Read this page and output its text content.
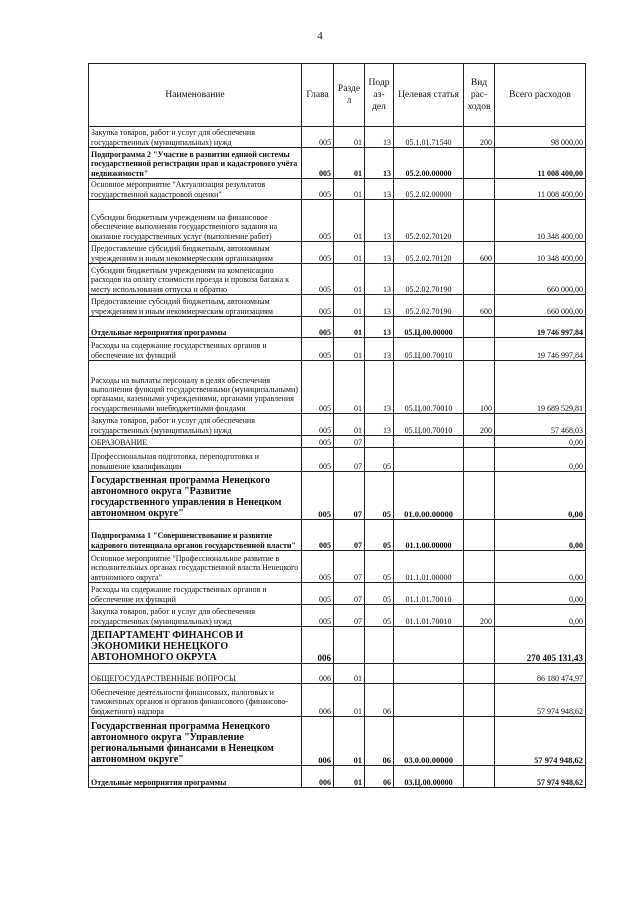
4
Наименование	Глава	Разде л	Подр аз- дел	Целевая статья	Вид рас- ходов	Всего расходов
Закупка товаров, работ и услуг для обеспечения государственных (муниципальных) нужд	005	01	13	05.1.01.71540	200	98 000,00
Подпрограмма 2 "Участие в развитии единой системы государственной регистрации прав и кадастрового учёта недвижимости"	005	01	13	05.2.00.00000		11 008 400,00
Основное мероприятие "Актуализация результатов государственной кадастровой оценки"	005	01	13	05.2.02.00000		11 008 400,00
Субсидии бюджетным учреждениям на финансовое обеспечение выполнения государственного задания на оказание государственных услуг (выполнение работ)	005	01	13	05.2.02.70120		10 348 400,00
Предоставление субсидий бюджетным, автономным учреждениям и иным некоммерческим организациям	005	01	13	05.2.02.70120	600	10 348 400,00
Субсидии бюджетным учреждениям на компенсацию расходов на оплату стоимости проезда и провоза багажа к месту использования отпуска и обратно	005	01	13	05.2.02.70190		660 000,00
Предоставление субсидий бюджетным, автономным учреждениям и иным некоммерческим организациям	005	01	13	05.2.02.70190	600	660 000,00
Отдельные мероприятия программы	005	01	13	05.Ц.00.00000		19 746 997,84
Расходы на содержание государственных органов и обеспечение их функций	005	01	13	05.Ц.00.70010		19 746 997,84
Расходы на выплаты персоналу в целях обеспечения выполнения функций государственными (муниципальными) органами, казенными учреждениями, органами управления государственными внебюджетными фондами	005	01	13	05.Ц.00.70010	100	19 689 529,81
Закупка товаров, работ и услуг для обеспечения государственных (муниципальных) нужд	005	01	13	05.Ц.00.70010	200	57 468,03
ОБРАЗОВАНИЕ	005	07				0,00
Профессиональная подготовка, переподготовка и повышение квалификации	005	07	05			0,00
Государственная программа Ненецкого автономного округа "Развитие государственного управления в Ненецком автономном округе"	005	07	05	01.0.00.00000		0,00
Подпрограмма 1 "Совершенствование и развитие кадрового потенциала органов государственной власти"	005	07	05	01.1.00.00000		0,00
Основное мероприятие "Профессиональное развитие в исполнительных органах государственной власти Ненецкого автономного округа"	005	07	05	01.1.01.00000		0,00
Расходы на содержание государственных органов и обеспечение их функций	005	07	05	01.1.01.70010		0,00
Закупка товаров, работ и услуг для обеспечения государственных (муниципальных) нужд	005	07	05	01.1.01.70010	200	0,00
ДЕПАРТАМЕНТ ФИНАНСОВ И ЭКОНОМИКИ НЕНЕЦКОГО АВТОНОМНОГО ОКРУГА	006					270 405 131,43
ОБЩЕГОСУДАРСТВЕННЫЕ ВОПРОСЫ	006	01				86 180 474,97
Обеспечение деятельности финансовых, налоговых и таможенных органов и органов финансового (финансово-бюджетного) надзора	006	01	06			57 974 948,62
Государственная программа Ненецкого автономного округа "Управление региональными финансами в Ненецком автономном округе"	006	01	06	03.0.00.00000		57 974 948,62
Отдельные мероприятия программы	006	01	06	03.Ц.00.00000		57 974 948,62
